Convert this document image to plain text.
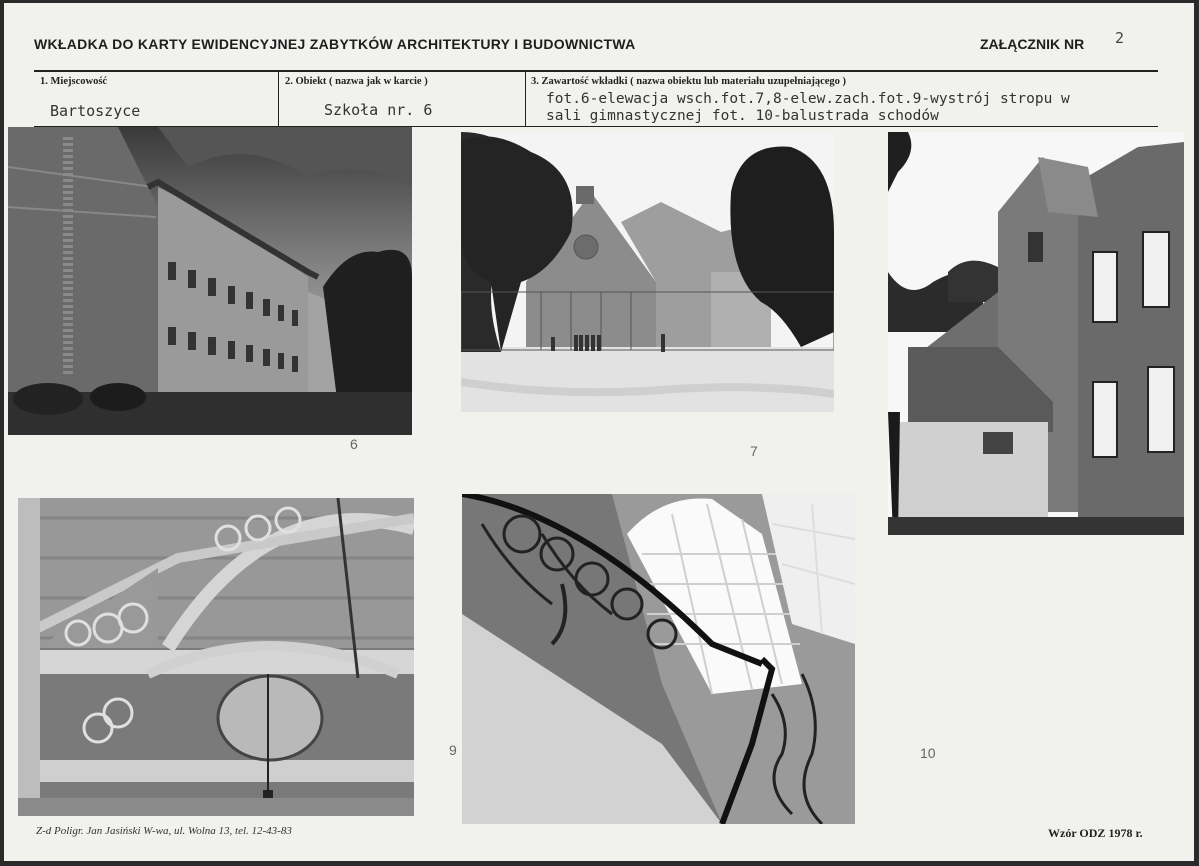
WKŁADKA DO KARTY EWIDENCYJNEJ ZABYTKÓW ARCHITEKTURY I BUDOWNICTWA	ZAŁĄCZNIK NR 2
1. Miejscowość
Bartoszyce
2. Obiekt ( nazwa jak w karcie )
Szkoła nr. 6
3. Zawartość wkładki ( nazwa obiektu lub materiału uzupełniającego )
fot.6-elewacja wsch.fot.7,8-elew.zach.fot.9-wystrój stropu w
sali gimnastycznej fot. 10-balustrada schodów
6	7
9	10
Z-d Poligr. Jan Jasiński W-wa, ul. Wolna 13, tel. 12-43-83	Wzór ODZ 1978 r.
